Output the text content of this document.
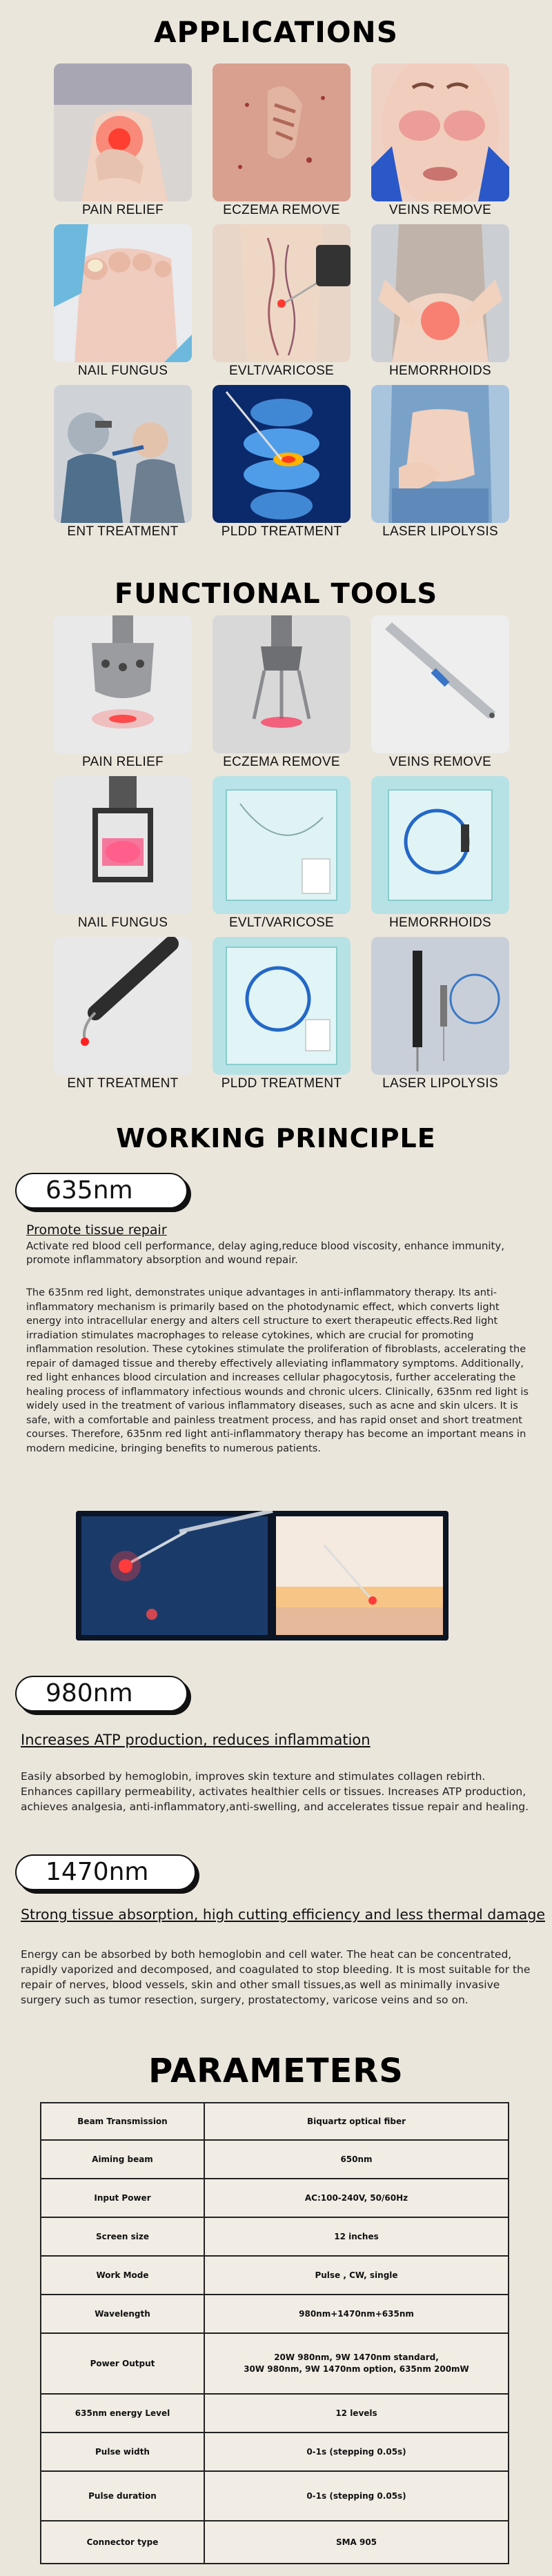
APPLICATIONS
PAIN RELIEF	ECZEMA REMOVE	VEINS REMOVE
NAIL FUNGUS	EVLT/VARICOSE	HEMORRHOIDS
ENT TREATMENT	PLDD TREATMENT	LASER LIPOLYSIS
FUNCTIONAL TOOLS
PAIN RELIEF	ECZEMA REMOVE	VEINS REMOVE
NAIL FUNGUS	EVLT/VARICOSE	HEMORRHOIDS
ENT TREATMENT	PLDD TREATMENT	LASER LIPOLYSIS
WORKING PRINCIPLE
635nm
Promote tissue repair
Activate red blood cell performance, delay aging,reduce blood viscosity, enhance immunity, promote inflammatory absorption and wound repair.
The 635nm red light, demonstrates unique advantages in anti-inflammatory therapy. Its anti-inflammatory mechanism is primarily based on the photodynamic effect, which converts light energy into intracellular energy and alters cell structure to exert therapeutic effects.Red light irradiation stimulates macrophages to release cytokines, which are crucial for promoting inflammation resolution. These cytokines stimulate the proliferation of fibroblasts, accelerating the repair of damaged tissue and thereby effectively alleviating inflammatory symptoms. Additionally, red light enhances blood circulation and increases cellular phagocytosis, further accelerating the healing process of inflammatory infectious wounds and chronic ulcers. Clinically, 635nm red light is widely used in the treatment of various inflammatory diseases, such as acne and skin ulcers. It is safe, with a comfortable and painless treatment process, and has rapid onset and short treatment courses. Therefore, 635nm red light anti-inflammatory therapy has become an important means in modern medicine, bringing benefits to numerous patients.
980nm
Increases ATP production, reduces inflammation
Easily absorbed by hemoglobin, improves skin texture and stimulates collagen rebirth. Enhances capillary permeability, activates healthier cells or tissues. Increases ATP production, achieves analgesia, anti-inflammatory,anti-swelling, and accelerates tissue repair and healing.
1470nm
Strong tissue absorption, high cutting efficiency and less thermal damage
Energy can be absorbed by both hemoglobin and cell water. The heat can be concentrated, rapidly vaporized and decomposed, and coagulated to stop bleeding. It is most suitable for the repair of nerves, blood vessels, skin and other small tissues,as well as minimally invasive surgery such as tumor resection, surgery, prostatectomy, varicose veins and so on.
PARAMETERS
Beam Transmission	Biquartz optical fiber
Aiming beam	650nm
Input Power	AC:100-240V, 50/60Hz
Screen size	12 inches
Work Mode	Pulse , CW, single
Wavelength	980nm+1470nm+635nm
Power Output	20W 980nm, 9W 1470nm standard,
30W 980nm, 9W 1470nm option, 635nm 200mW
635nm energy Level	12 levels
Pulse width	0-1s (stepping 0.05s)
Pulse duration	0-1s (stepping 0.05s)
Connector type	SMA 905
